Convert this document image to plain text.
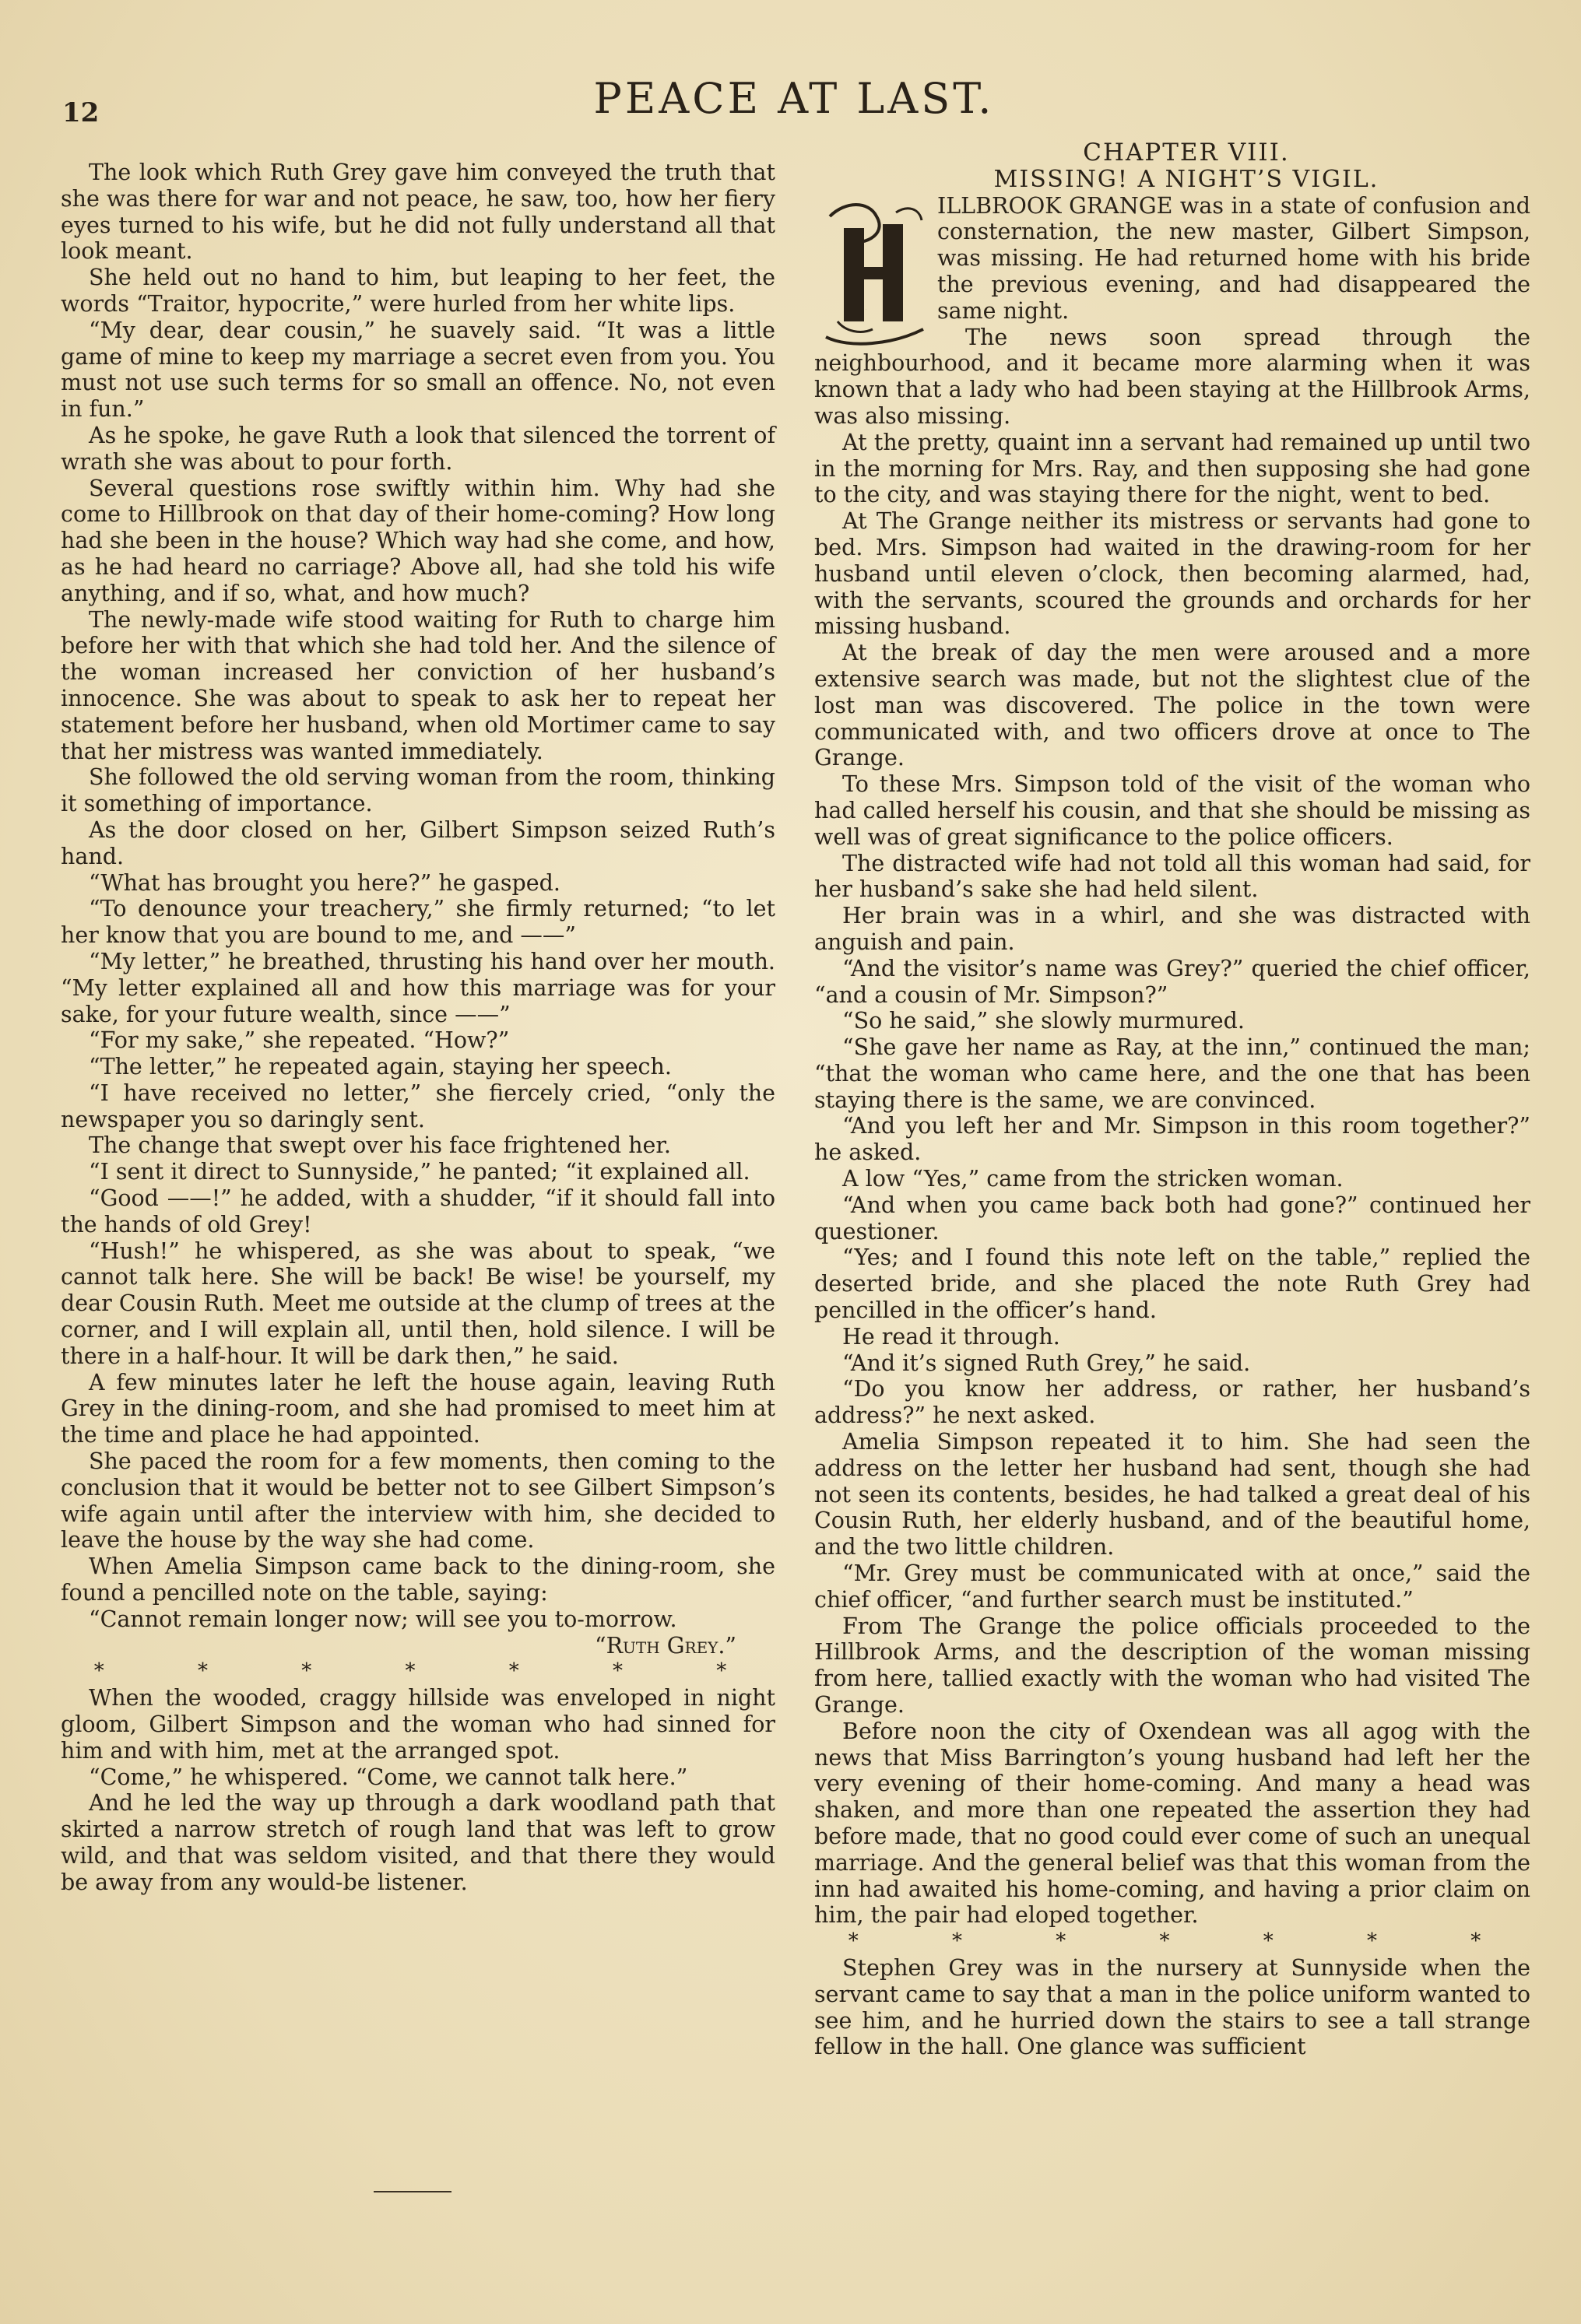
12	PEACE AT LAST.

The look which Ruth Grey gave him conveyed the truth that she was there for war and not peace, he saw, too, how her fiery eyes turned to his wife, but he did not fully understand all that look meant.

She held out no hand to him, but leaping to her feet, the words “Traitor, hypocrite,” were hurled from her white lips.

“My dear, dear cousin,” he suavely said. “It was a little game of mine to keep my marriage a secret even from you. You must not use such terms for so small an offence. No, not even in fun.”

As he spoke, he gave Ruth a look that silenced the torrent of wrath she was about to pour forth.

Several questions rose swiftly within him. Why had she come to Hillbrook on that day of their home-coming? How long had she been in the house? Which way had she come, and how, as he had heard no carriage? Above all, had she told his wife anything, and if so, what, and how much?

The newly-made wife stood waiting for Ruth to charge him before her with that which she had told her. And the silence of the woman increased her conviction of her husband’s innocence. She was about to speak to ask her to repeat her statement before her husband, when old Mortimer came to say that her mistress was wanted immediately.

She followed the old serving woman from the room, thinking it something of importance.

As the door closed on her, Gilbert Simpson seized Ruth’s hand.

“What has brought you here?” he gasped.

“To denounce your treachery,” she firmly returned; “to let her know that you are bound to me, and ——”

“My letter,” he breathed, thrusting his hand over her mouth. “My letter explained all and how this marriage was for your sake, for your future wealth, since ——”

“For my sake,” she repeated. “How?”

“The letter,” he repeated again, staying her speech.

“I have received no letter,” she fiercely cried, “only the newspaper you so daringly sent.

The change that swept over his face frightened her.

“I sent it direct to Sunnyside,” he panted; “it explained all.

“Good ——!” he added, with a shudder, “if it should fall into the hands of old Grey!

“Hush!” he whispered, as she was about to speak, “we cannot talk here. She will be back! Be wise! be yourself, my dear Cousin Ruth. Meet me outside at the clump of trees at the corner, and I will explain all, until then, hold silence. I will be there in a half-hour. It will be dark then,” he said.

A few minutes later he left the house again, leaving Ruth Grey in the dining-room, and she had promised to meet him at the time and place he had appointed.

She paced the room for a few moments, then coming to the conclusion that it would be better not to see Gilbert Simpson’s wife again until after the interview with him, she decided to leave the house by the way she had come.

When Amelia Simpson came back to the dining-room, she found a pencilled note on the table, saying:

“Cannot remain longer now; will see you to-morrow.

“Ruth Grey.”

* * * * * * *

When the wooded, craggy hillside was enveloped in night gloom, Gilbert Simpson and the woman who had sinned for him and with him, met at the arranged spot.

“Come,” he whispered. “Come, we cannot talk here.”

And he led the way up through a dark woodland path that skirted a narrow stretch of rough land that was left to grow wild, and that was seldom visited, and that there they would be away from any would-be listener.

CHAPTER VIII.

MISSING! A NIGHT’S VIGIL.

H

ILLBROOK GRANGE was in a state of confusion and consternation, the new master, Gilbert Simpson, was missing. He had returned home with his bride the previous evening, and had disappeared the same night.

The news soon spread through the neighbourhood, and it became more alarming when it was known that a lady who had been staying at the Hillbrook Arms, was also missing.

At the pretty, quaint inn a servant had remained up until two in the morning for Mrs. Ray, and then supposing she had gone to the city, and was staying there for the night, went to bed.

At The Grange neither its mistress or servants had gone to bed. Mrs. Simpson had waited in the drawing-room for her husband until eleven o’clock, then becoming alarmed, had, with the servants, scoured the grounds and orchards for her missing husband.

At the break of day the men were aroused and a more extensive search was made, but not the slightest clue of the lost man was discovered. The police in the town were communicated with, and two officers drove at once to The Grange.

To these Mrs. Simpson told of the visit of the woman who had called herself his cousin, and that she should be missing as well was of great significance to the police officers.

The distracted wife had not told all this woman had said, for her husband’s sake she had held silent.

Her brain was in a whirl, and she was distracted with anguish and pain.

“And the visitor’s name was Grey?” queried the chief officer, “and a cousin of Mr. Simpson?”

“So he said,” she slowly murmured.

“She gave her name as Ray, at the inn,” continued the man; “that the woman who came here, and the one that has been staying there is the same, we are convinced.

“And you left her and Mr. Simpson in this room together?” he asked.

A low “Yes,” came from the stricken woman.

“And when you came back both had gone?” continued her questioner.

“Yes; and I found this note left on the table,” replied the deserted bride, and she placed the note Ruth Grey had pencilled in the officer’s hand.

He read it through.

“And it’s signed Ruth Grey,” he said.

“Do you know her address, or rather, her husband’s address?” he next asked.

Amelia Simpson repeated it to him. She had seen the address on the letter her husband had sent, though she had not seen its contents, besides, he had talked a great deal of his Cousin Ruth, her elderly husband, and of the beautiful home, and the two little children.

“Mr. Grey must be communicated with at once,” said the chief officer, “and further search must be instituted.”

From The Grange the police officials proceeded to the Hillbrook Arms, and the description of the woman missing from here, tallied exactly with the woman who had visited The Grange.

Before noon the city of Oxendean was all agog with the news that Miss Barrington’s young husband had left her the very evening of their home-coming. And many a head was shaken, and more than one repeated the assertion they had before made, that no good could ever come of such an unequal marriage. And the general belief was that this woman from the inn had awaited his home-coming, and having a prior claim on him, the pair had eloped together.

* * * * * * *

Stephen Grey was in the nursery at Sunnyside when the servant came to say that a man in the police uniform wanted to see him, and he hurried down the stairs to see a tall strange fellow in the hall. One glance was sufficient
